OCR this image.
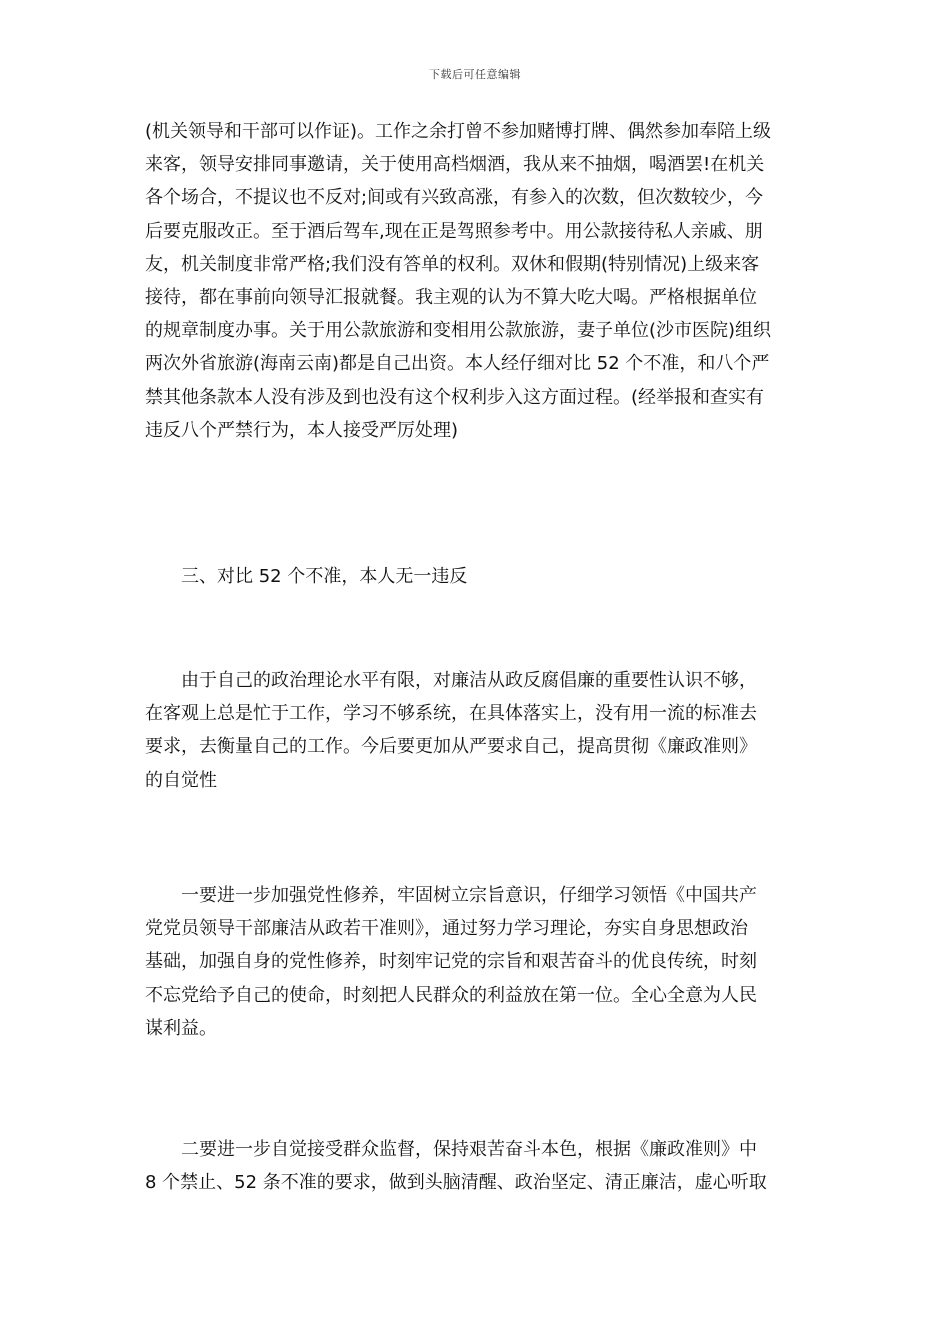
下载后可任意编辑
(机关领导和干部可以作证)。工作之余打曾不参加赌博打牌、偶然参加奉陪上级
来客，领导安排同事邀请，关于使用高档烟酒，我从来不抽烟，喝酒罢!在机关
各个场合，不提议也不反对;间或有兴致高涨，有参入的次数，但次数较少，今
后要克服改正。至于酒后驾车,现在正是驾照参考中。用公款接待私人亲戚、朋
友，机关制度非常严格;我们没有答单的权利。双休和假期(特别情况)上级来客
接待，都在事前向领导汇报就餐。我主观的认为不算大吃大喝。严格根据单位
的规章制度办事。关于用公款旅游和变相用公款旅游，妻子单位(沙市医院)组织
两次外省旅游(海南云南)都是自己出资。本人经仔细对比 52 个不准，和八个严
禁其他条款本人没有涉及到也没有这个权利步入这方面过程。(经举报和查实有
违反八个严禁行为，本人接受严厉处理)
三、对比 52 个不准，本人无一违反
由于自己的政治理论水平有限，对廉洁从政反腐倡廉的重要性认识不够，
在客观上总是忙于工作，学习不够系统，在具体落实上，没有用一流的标准去
要求，去衡量自己的工作。今后要更加从严要求自己，提高贯彻《廉政准则》
的自觉性
一要进一步加强党性修养，牢固树立宗旨意识，仔细学习领悟《中国共产
党党员领导干部廉洁从政若干准则》，通过努力学习理论，夯实自身思想政治
基础，加强自身的党性修养，时刻牢记党的宗旨和艰苦奋斗的优良传统，时刻
不忘党给予自己的使命，时刻把人民群众的利益放在第一位。全心全意为人民
谋利益。
二要进一步自觉接受群众监督，保持艰苦奋斗本色，根据《廉政准则》中
8 个禁止、52 条不准的要求，做到头脑清醒、政治坚定、清正廉洁，虚心听取
